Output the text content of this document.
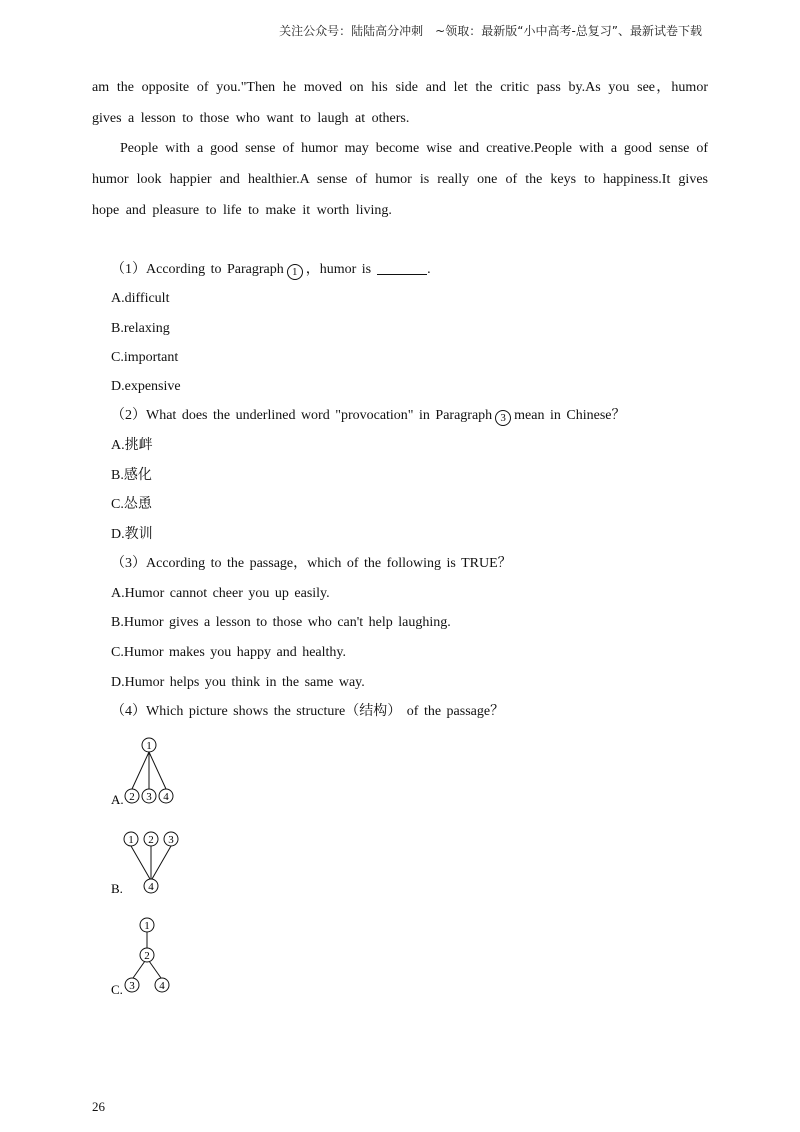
关注公众号：陆陆高分冲刺　~领取：最新版“小中高考-总复习”、最新试卷下载

am the opposite of you."Then he moved on his side and let the critic pass by.As you see，humor gives a lesson to those who want to laugh at others.

People with a good sense of humor may become wise and creative.People with a good sense of humor look happier and healthier.A sense of humor is really one of the keys to happiness.It gives hope and pleasure to life to make it worth living.

（1）According to Paragraph 1 ，humor is	.
A.difficult
B.relaxing
C.important
D.expensive
（2）What does the underlined word "provocation" in Paragraph 3 mean in Chinese？
A.挑衅
B.感化
C.怂恿
D.教训
（3）According to the passage，which of the following is TRUE？
A.Humor cannot cheer you up easily.
B.Humor gives a lesson to those who can't help laughing.
C.Humor makes you happy and healthy.
D.Humor helps you think in the same way.
（4）Which picture shows the structure（结构） of the passage？
1
2 3 4
A.
1 2 3
4
B.
1
2
3 4
C.
26
